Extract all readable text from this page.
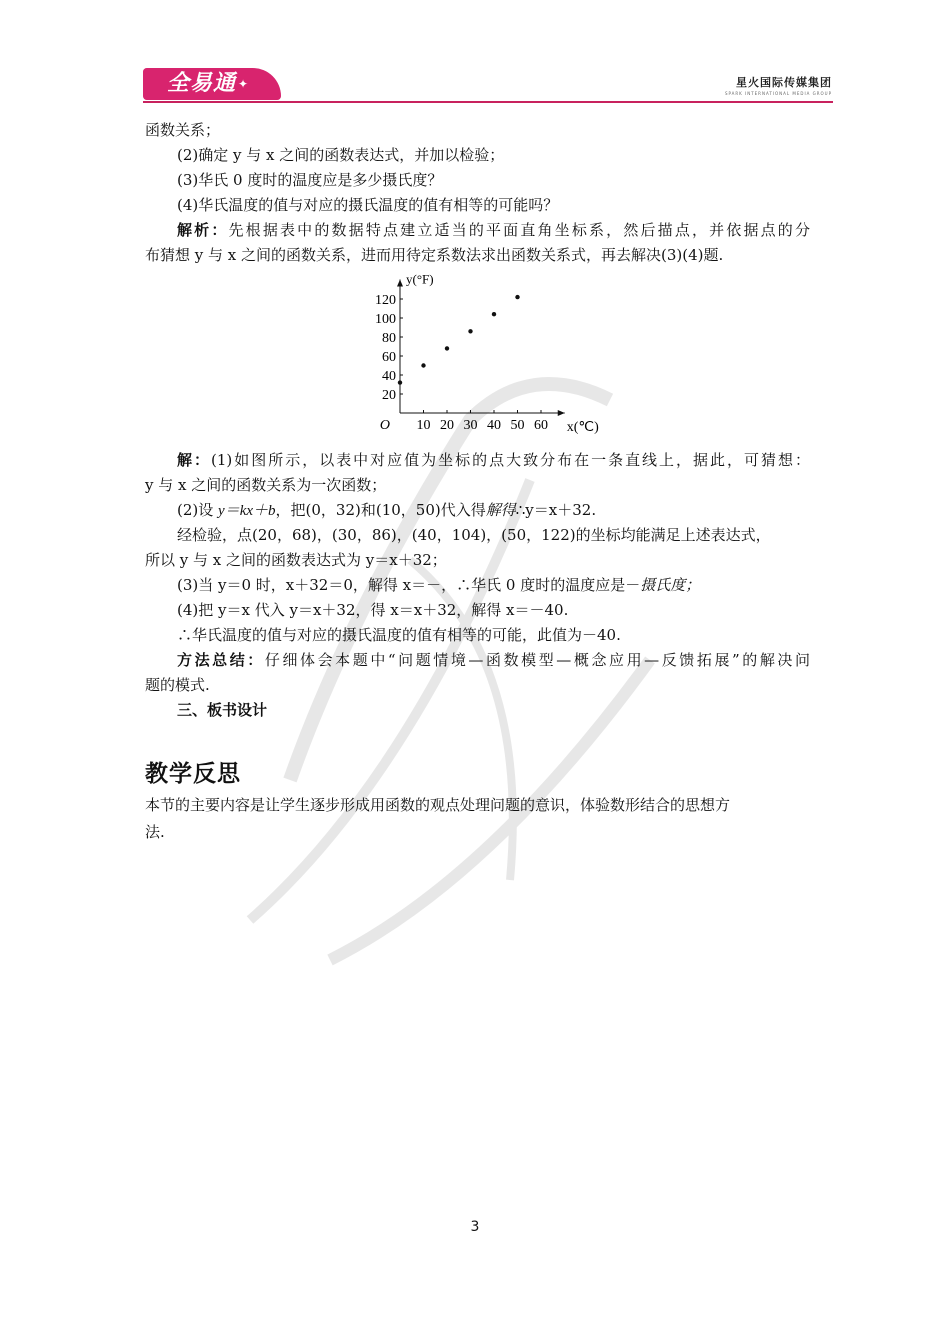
全易通 ✦	星火国际传媒集团
SPARK INTERNATIONAL MEDIA GROUP
函数关系；
(2)确定 y 与 x 之间的函数表达式，并加以检验；
(3)华氏 0 度时的温度应是多少摄氏度？
(4)华氏温度的值与对应的摄氏温度的值有相等的可能吗？
解析：先根据表中的数据特点建立适当的平面直角坐标系，然后描点，并依据点的分
布猜想 y 与 x 之间的函数关系，进而用待定系数法求出函数关系式，再去解决(3)(4)题.
10 20 30 40 50 60
20
40
60
80
100
120
O	x(℃)
y(°F)
解：(1)如图所示，以表中对应值为坐标的点大致分布在一条直线上，据此，可猜想：
y 与 x 之间的函数关系为一次函数；
(2)设 y＝kx＋b，把(0，32)和(10，50)代入得解得∴y＝x＋32.
经检验，点(20，68)，(30，86)，(40，104)，(50，122)的坐标均能满足上述表达式，
所以 y 与 x 之间的函数表达式为 y＝x＋32；
(3)当 y＝0 时，x＋32＝0，解得 x＝－，∴华氏 0 度时的温度应是－摄氏度；
(4)把 y＝x 代入 y＝x＋32，得 x＝x＋32，解得 x＝－40.
∴华氏温度的值与对应的摄氏温度的值有相等的可能，此值为－40.
方法总结：仔细体会本题中“问题情境—函数模型—概念应用—反馈拓展”的解决问
题的模式.
三、板书设计
教学反思
本节的主要内容是让学生逐步形成用函数的观点处理问题的意识，体验数形结合的思想方
法.
3
